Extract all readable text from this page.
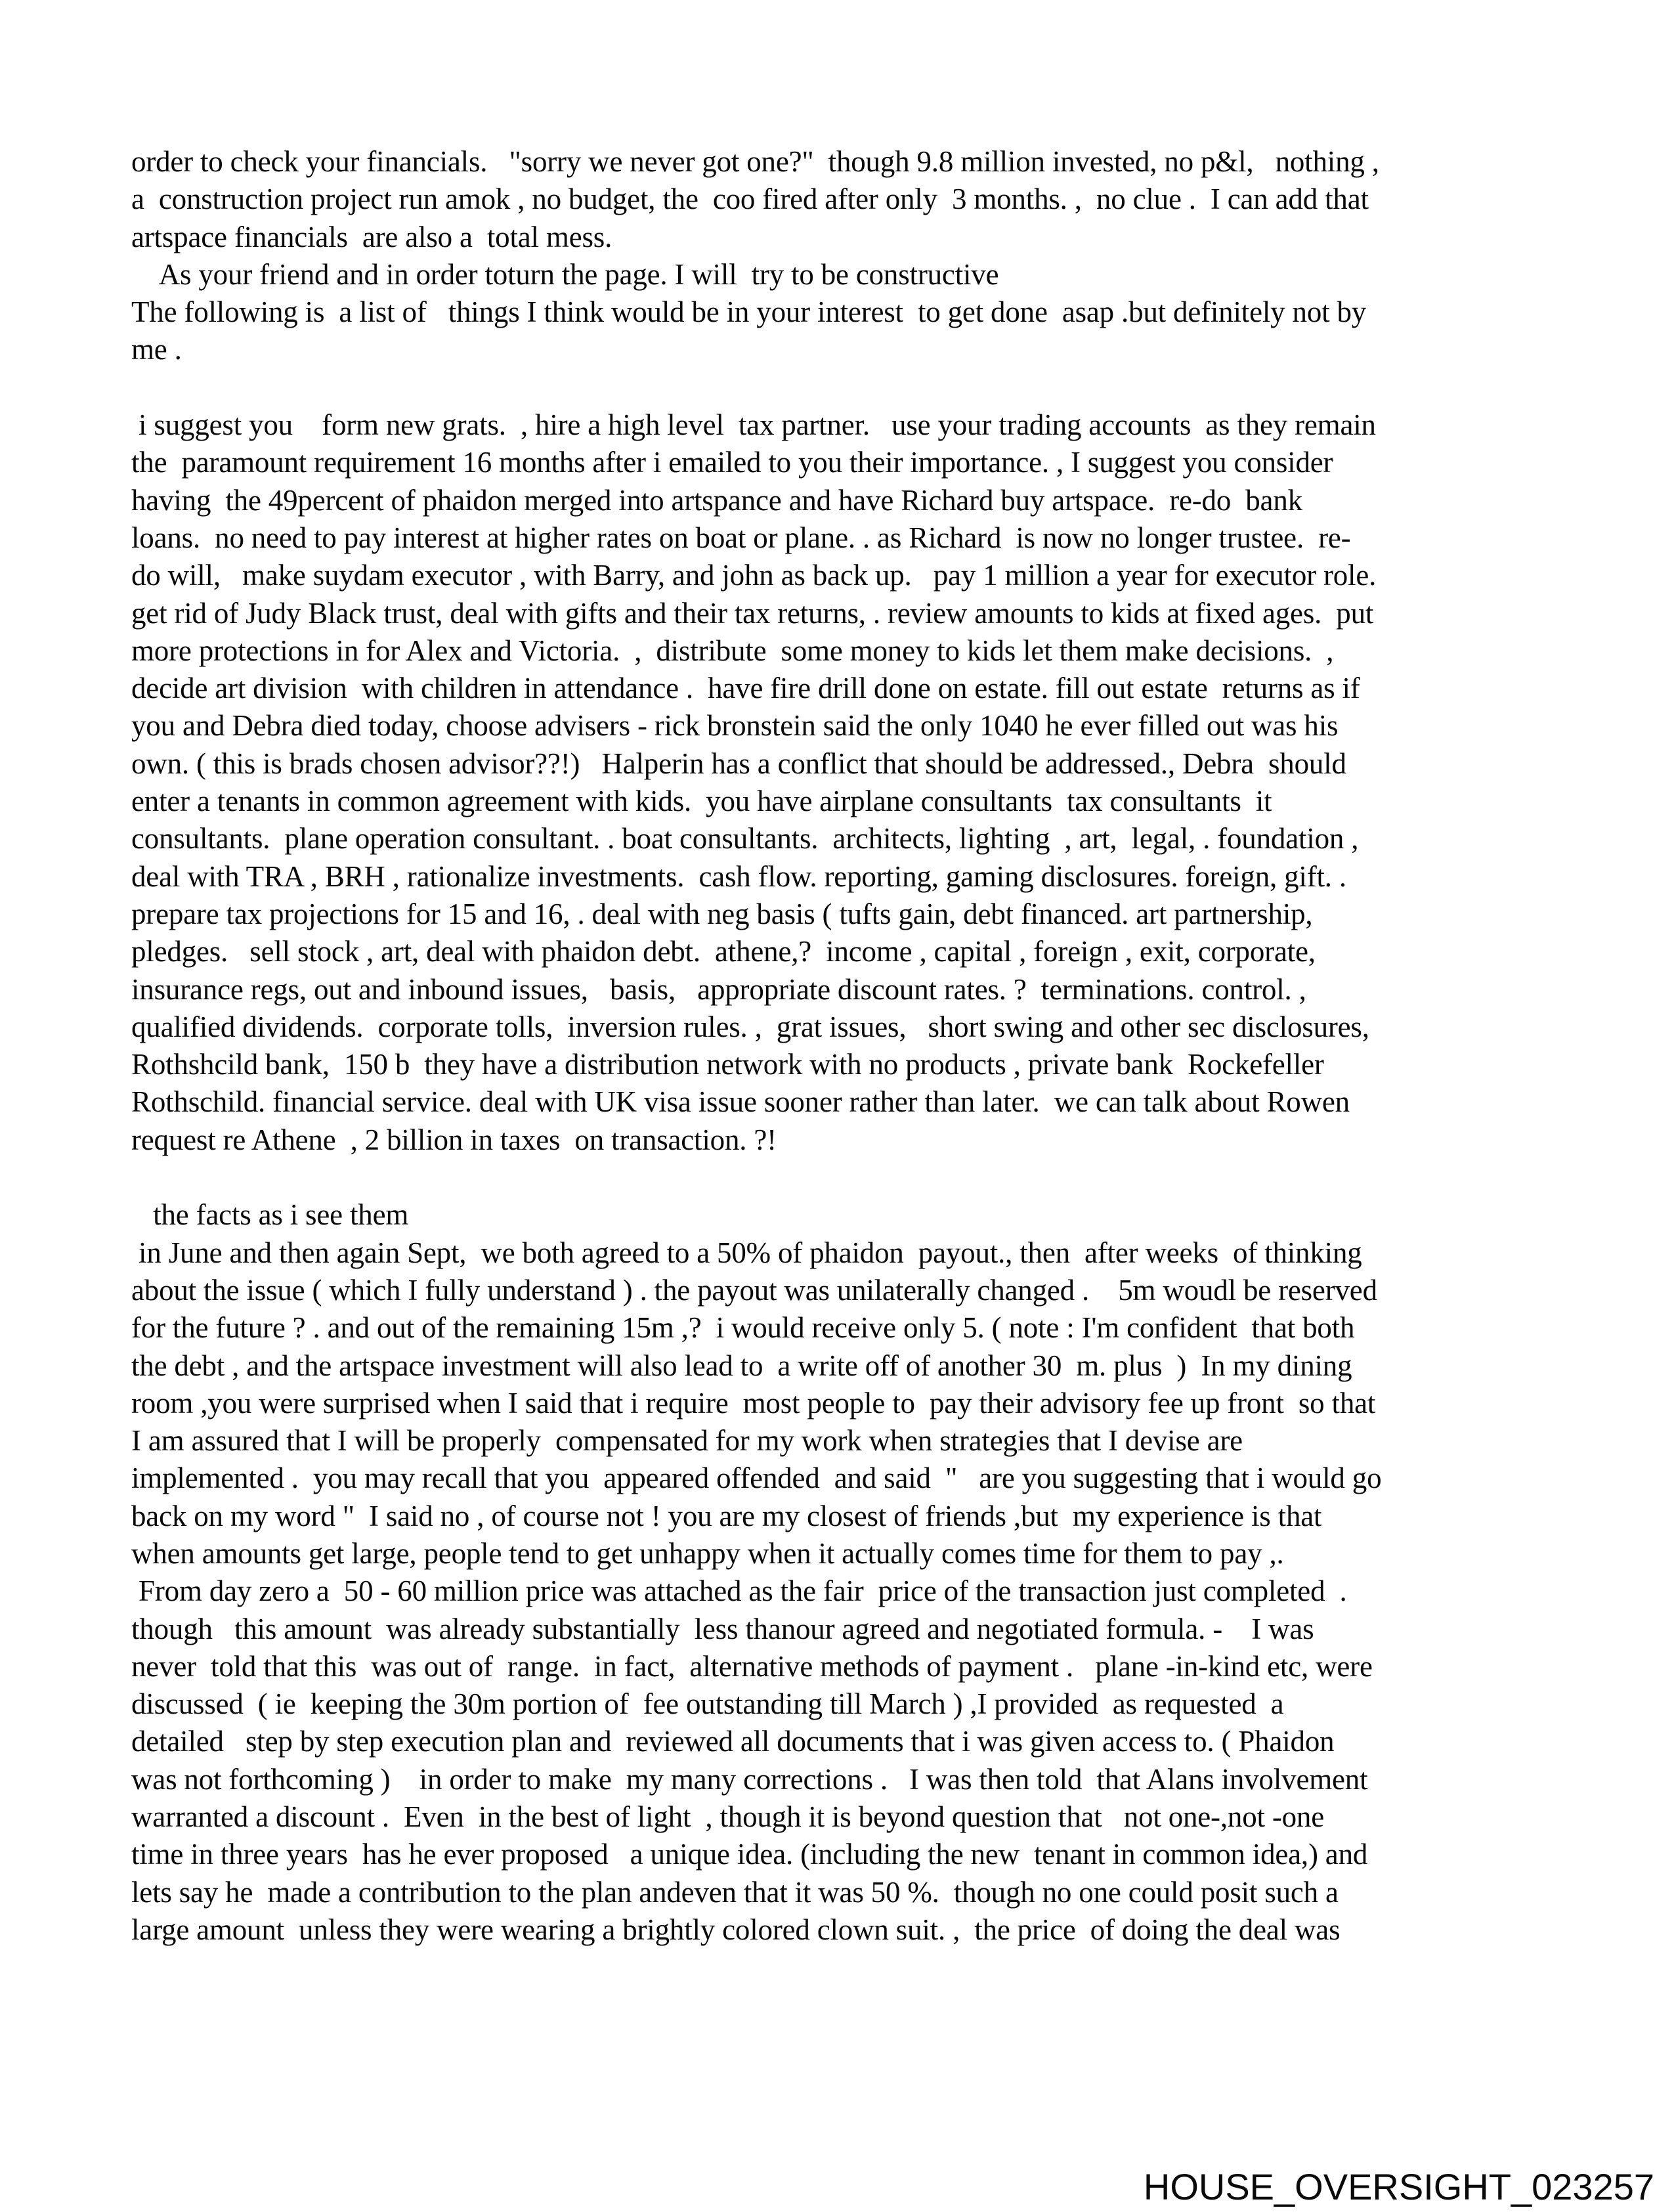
order to check your financials.   "sorry we never got one?"  though 9.8 million invested, no p&l,   nothing ,
a  construction project run amok , no budget, the  coo fired after only  3 months. ,  no clue .  I can add that
artspace financials  are also a  total mess.
As your friend and in order toturn the page. I will  try to be constructive
The following is  a list of   things I think would be in your interest  to get done  asap .but definitely not by
me .
i suggest you    form new grats.  , hire a high level  tax partner.   use your trading accounts  as they remain
the  paramount requirement 16 months after i emailed to you their importance. , I suggest you consider
having  the 49percent of phaidon merged into artspance and have Richard buy artspace.  re-do  bank
loans.  no need to pay interest at higher rates on boat or plane. . as Richard  is now no longer trustee.  re-
do will,   make suydam executor , with Barry, and john as back up.   pay 1 million a year for executor role.
get rid of Judy Black trust, deal with gifts and their tax returns, . review amounts to kids at fixed ages.  put
more protections in for Alex and Victoria.  ,  distribute  some money to kids let them make decisions.  ,
decide art division  with children in attendance .  have fire drill done on estate. fill out estate  returns as if
you and Debra died today, choose advisers - rick bronstein said the only 1040 he ever filled out was his
own. ( this is brads chosen advisor??!)   Halperin has a conflict that should be addressed., Debra  should
enter a tenants in common agreement with kids.  you have airplane consultants  tax consultants  it
consultants.  plane operation consultant. . boat consultants.  architects, lighting  , art,  legal, . foundation ,
deal with TRA , BRH , rationalize investments.  cash flow. reporting, gaming disclosures. foreign, gift. .
prepare tax projections for 15 and 16, . deal with neg basis ( tufts gain, debt financed. art partnership,
pledges.   sell stock , art, deal with phaidon debt.  athene,?  income , capital , foreign , exit, corporate,
insurance regs, out and inbound issues,   basis,   appropriate discount rates. ?  terminations. control. ,
qualified dividends.  corporate tolls,  inversion rules. ,  grat issues,   short swing and other sec disclosures,
Rothshcild bank,  150 b  they have a distribution network with no products , private bank  Rockefeller
Rothschild. financial service. deal with UK visa issue sooner rather than later.  we can talk about Rowen
request re Athene  , 2 billion in taxes  on transaction. ?!
the facts as i see them
in June and then again Sept,  we both agreed to a 50% of phaidon  payout., then  after weeks  of thinking
about the issue ( which I fully understand ) . the payout was unilaterally changed .    5m woudl be reserved
for the future ? . and out of the remaining 15m ,?  i would receive only 5. ( note : I'm confident  that both
the debt , and the artspace investment will also lead to  a write off of another 30  m. plus  )  In my dining
room ,you were surprised when I said that i require  most people to  pay their advisory fee up front  so that
I am assured that I will be properly  compensated for my work when strategies that I devise are
implemented .  you may recall that you  appeared offended  and said  "   are you suggesting that i would go
back on my word "  I said no , of course not ! you are my closest of friends ,but  my experience is that
when amounts get large, people tend to get unhappy when it actually comes time for them to pay ,.
From day zero a  50 - 60 million price was attached as the fair  price of the transaction just completed  .
though   this amount  was already substantially  less thanour agreed and negotiated formula. -    I was
never  told that this  was out of  range.  in fact,  alternative methods of payment .   plane -in-kind etc, were
discussed  ( ie  keeping the 30m portion of  fee outstanding till March ) ,I provided  as requested  a
detailed   step by step execution plan and  reviewed all documents that i was given access to. ( Phaidon
was not forthcoming )    in order to make  my many corrections .   I was then told  that Alans involvement
warranted a discount .  Even  in the best of light  , though it is beyond question that   not one-,not -one
time in three years  has he ever proposed   a unique idea. (including the new  tenant in common idea,) and
lets say he  made a contribution to the plan andeven that it was 50 %.  though no one could posit such a
large amount  unless they were wearing a brightly colored clown suit. ,  the price  of doing the deal was
HOUSE_OVERSIGHT_023257
